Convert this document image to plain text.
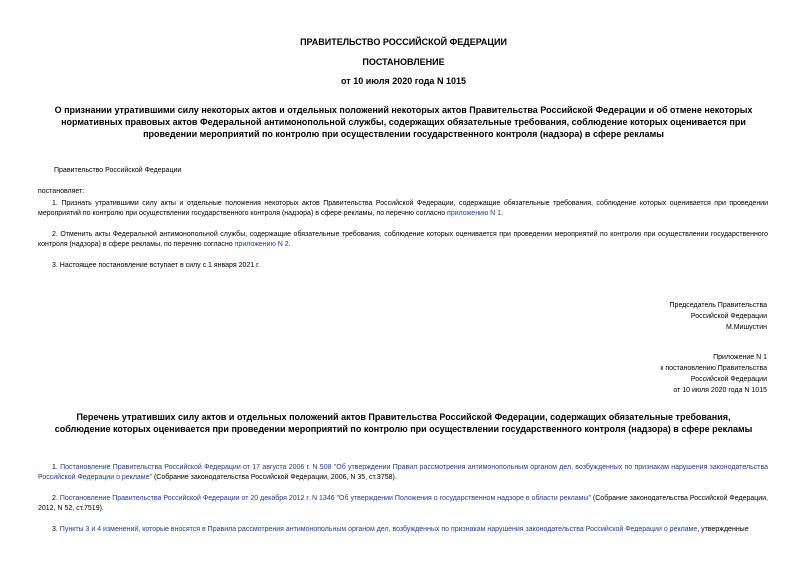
ПРАВИТЕЛЬСТВО РОССИЙСКОЙ ФЕДЕРАЦИИ
ПОСТАНОВЛЕНИЕ
от 10 июля 2020 года N 1015
О признании утратившими силу некоторых актов и отдельных положений некоторых актов Правительства Российской Федерации и об отмене некоторых нормативных правовых актов Федеральной антимонопольной службы, содержащих обязательные требования, соблюдение которых оценивается при проведении мероприятий по контролю при осуществлении государственного контроля (надзора) в сфере рекламы
Правительство Российской Федерации
постановляет:
1. Признать утратившими силу акты и отдельные положения некоторых актов Правительства Российской Федерации, содержащие обязательные требования, соблюдение которых оценивается при проведении мероприятий по контролю при осуществлении государственного контроля (надзора) в сфере рекламы, по перечню согласно приложению N 1.
2. Отменить акты Федеральной антимонопольной службы, содержащие обязательные требования, соблюдение которых оценивается при проведении мероприятий по контролю при осуществлении государственного контроля (надзора) в сфере рекламы, по перечню согласно приложению N 2.
3. Настоящее постановление вступает в силу с 1 января 2021 г.
Председатель Правительства
Российской Федерации
М.Мишустин
Приложение N 1
к постановлению Правительства
Российской Федерации
от 10 июля 2020 года N 1015
Перечень утративших силу актов и отдельных положений актов Правительства Российской Федерации, содержащих обязательные требования, соблюдение которых оценивается при проведении мероприятий по контролю при осуществлении государственного контроля (надзора) в сфере рекламы
1. Постановление Правительства Российской Федерации от 17 августа 2006 г. N 508 "Об утверждении Правил рассмотрения антимонопольным органом дел, возбужденных по признакам нарушения законодательства Российской Федерации о рекламе" (Собрание законодательства Российской Федерации, 2006, N 35, ст.3758).
2. Постановление Правительства Российской Федерации от 20 декабря 2012 г. N 1346 "Об утверждении Положения о государственном надзоре в области рекламы" (Собрание законодательства Российской Федерации, 2012, N 52, ст.7519).
3. Пункты 3 и 4 изменений, которые вносятся в Правила рассмотрения антимонопольным органом дел, возбужденных по признакам нарушения законодательства Российской Федерации о рекламе, утвержденные
